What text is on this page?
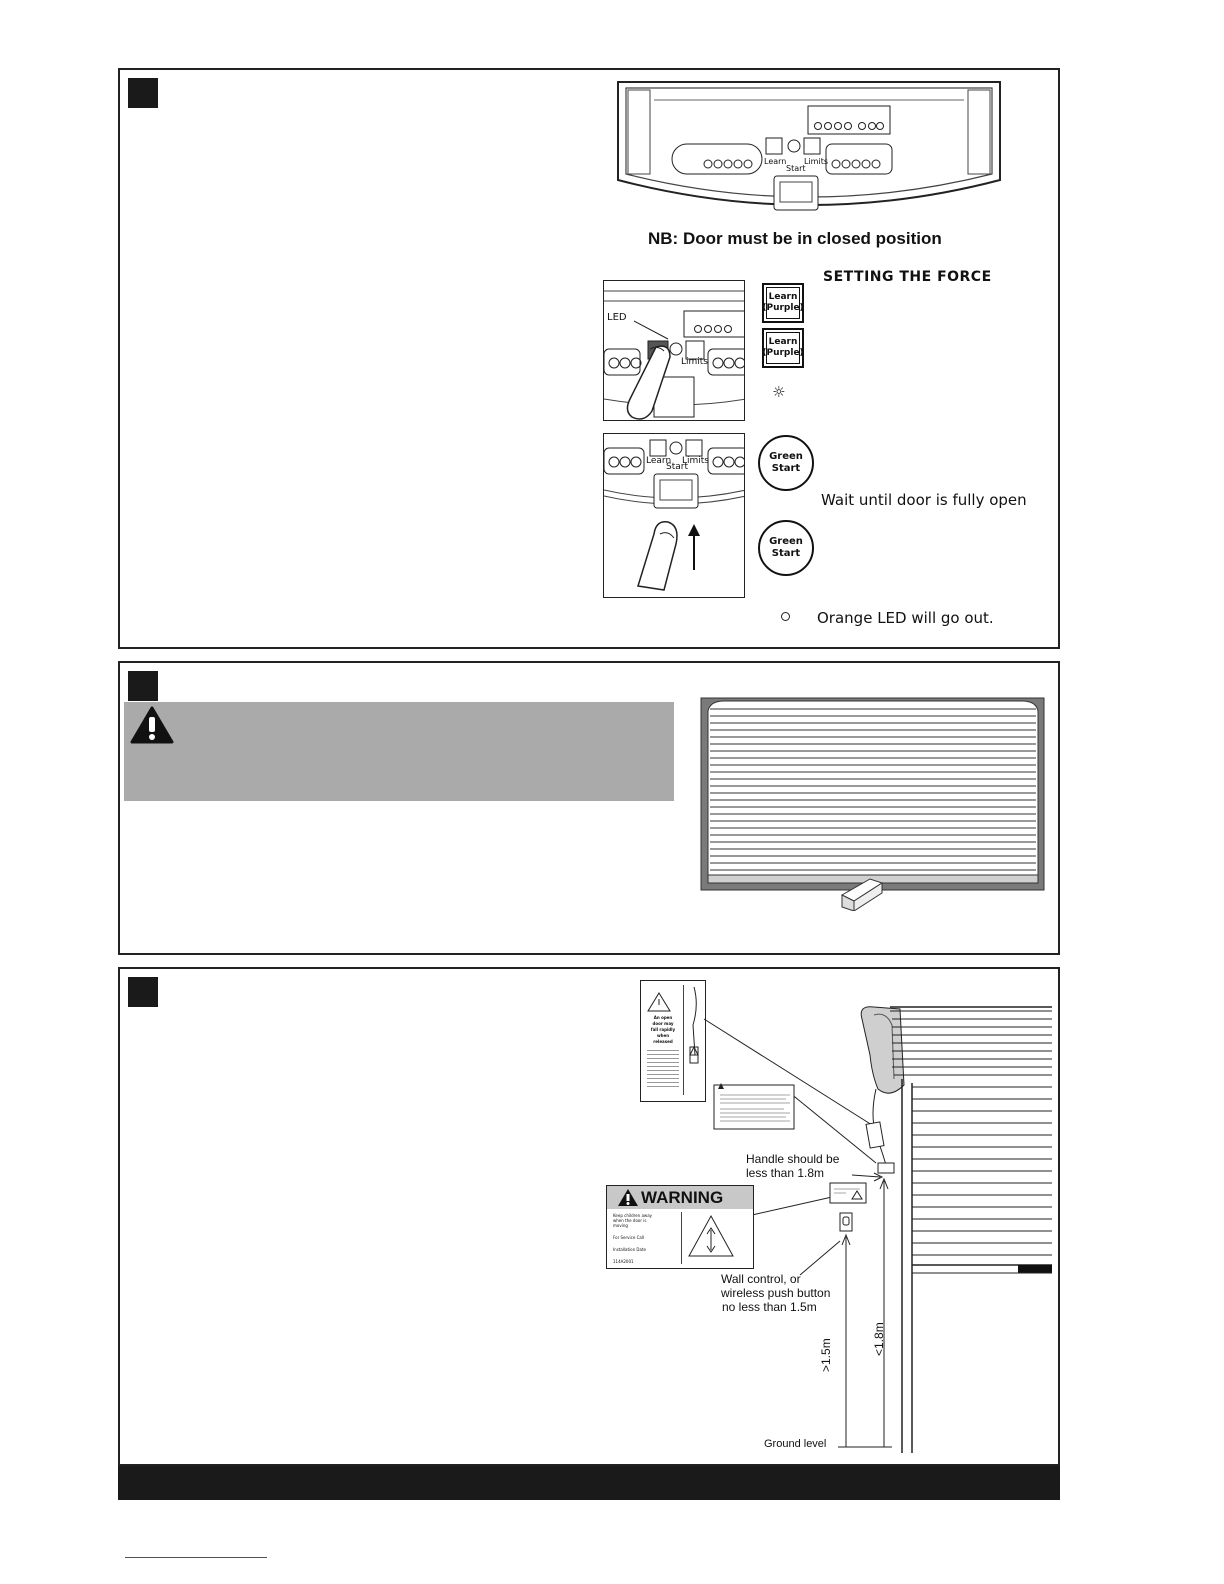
Learn
Start
Limits
NB: Door must be in closed position
LED
Limits
Learn
Start
Limits
SETTING THE FORCE
Learn (Purple)
Learn (Purple)
☼
Green Start
Wait until door is fully open
Green Start
Orange LED will go out.
An open
door may
fall rapidly
when
released
Handle should be
less than 1.8m
WARNING
Keep children away
when the door is
moving
For Service Call
Installation Date
114A2001
Wall control, or
wireless push button
no less than 1.5m
>1.5m	<1.8m
Ground level
